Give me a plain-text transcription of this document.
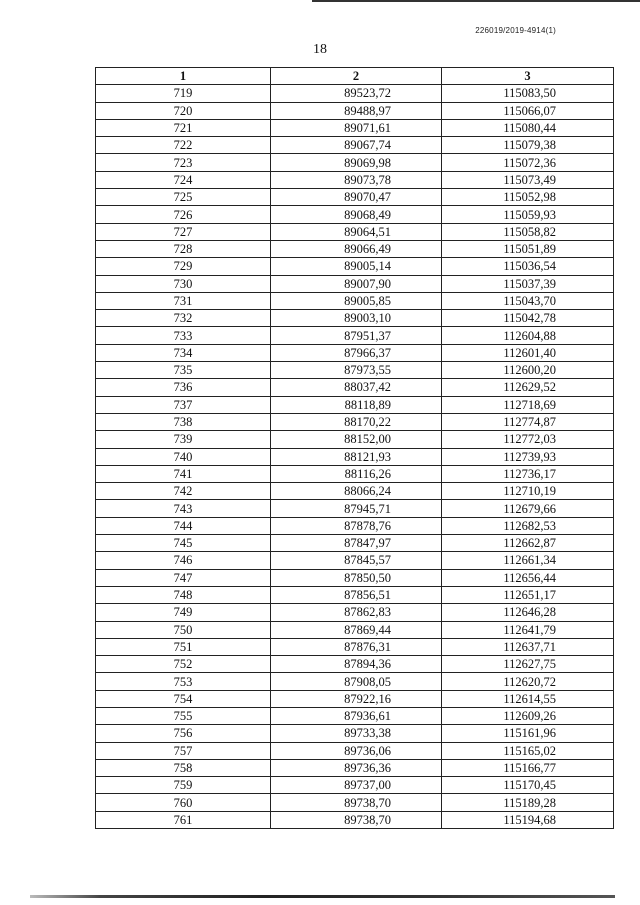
226019/2019-4914(1)
18
1	2	3
719	89523,72	115083,50
720	89488,97	115066,07
721	89071,61	115080,44
722	89067,74	115079,38
723	89069,98	115072,36
724	89073,78	115073,49
725	89070,47	115052,98
726	89068,49	115059,93
727	89064,51	115058,82
728	89066,49	115051,89
729	89005,14	115036,54
730	89007,90	115037,39
731	89005,85	115043,70
732	89003,10	115042,78
733	87951,37	112604,88
734	87966,37	112601,40
735	87973,55	112600,20
736	88037,42	112629,52
737	88118,89	112718,69
738	88170,22	112774,87
739	88152,00	112772,03
740	88121,93	112739,93
741	88116,26	112736,17
742	88066,24	112710,19
743	87945,71	112679,66
744	87878,76	112682,53
745	87847,97	112662,87
746	87845,57	112661,34
747	87850,50	112656,44
748	87856,51	112651,17
749	87862,83	112646,28
750	87869,44	112641,79
751	87876,31	112637,71
752	87894,36	112627,75
753	87908,05	112620,72
754	87922,16	112614,55
755	87936,61	112609,26
756	89733,38	115161,96
757	89736,06	115165,02
758	89736,36	115166,77
759	89737,00	115170,45
760	89738,70	115189,28
761	89738,70	115194,68
